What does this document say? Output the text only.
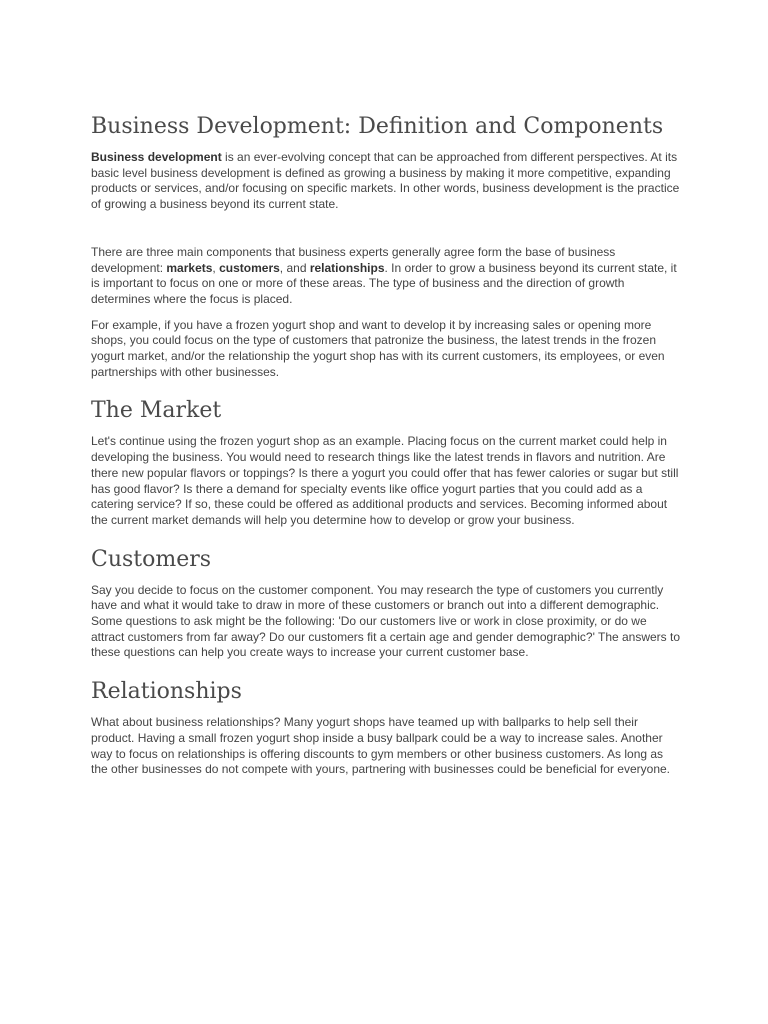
Business Development: Definition and Components

Business development is an ever-evolving concept that can be approached from different perspectives. At its basic level business development is defined as growing a business by making it more competitive, expanding products or services, and/or focusing on specific markets. In other words, business development is the practice of growing a business beyond its current state.

There are three main components that business experts generally agree form the base of business development: markets, customers, and relationships. In order to grow a business beyond its current state, it is important to focus on one or more of these areas. The type of business and the direction of growth determines where the focus is placed.

For example, if you have a frozen yogurt shop and want to develop it by increasing sales or opening more shops, you could focus on the type of customers that patronize the business, the latest trends in the frozen yogurt market, and/or the relationship the yogurt shop has with its current customers, its employees, or even partnerships with other businesses.

The Market

Let's continue using the frozen yogurt shop as an example. Placing focus on the current market could help in developing the business. You would need to research things like the latest trends in flavors and nutrition. Are there new popular flavors or toppings? Is there a yogurt you could offer that has fewer calories or sugar but still has good flavor? Is there a demand for specialty events like office yogurt parties that you could add as a catering service? If so, these could be offered as additional products and services. Becoming informed about the current market demands will help you determine how to develop or grow your business.

Customers

Say you decide to focus on the customer component. You may research the type of customers you currently have and what it would take to draw in more of these customers or branch out into a different demographic. Some questions to ask might be the following: 'Do our customers live or work in close proximity, or do we attract customers from far away? Do our customers fit a certain age and gender demographic?' The answers to these questions can help you create ways to increase your current customer base.

Relationships

What about business relationships? Many yogurt shops have teamed up with ballparks to help sell their product. Having a small frozen yogurt shop inside a busy ballpark could be a way to increase sales. Another way to focus on relationships is offering discounts to gym members or other business customers. As long as the other businesses do not compete with yours, partnering with businesses could be beneficial for everyone.
